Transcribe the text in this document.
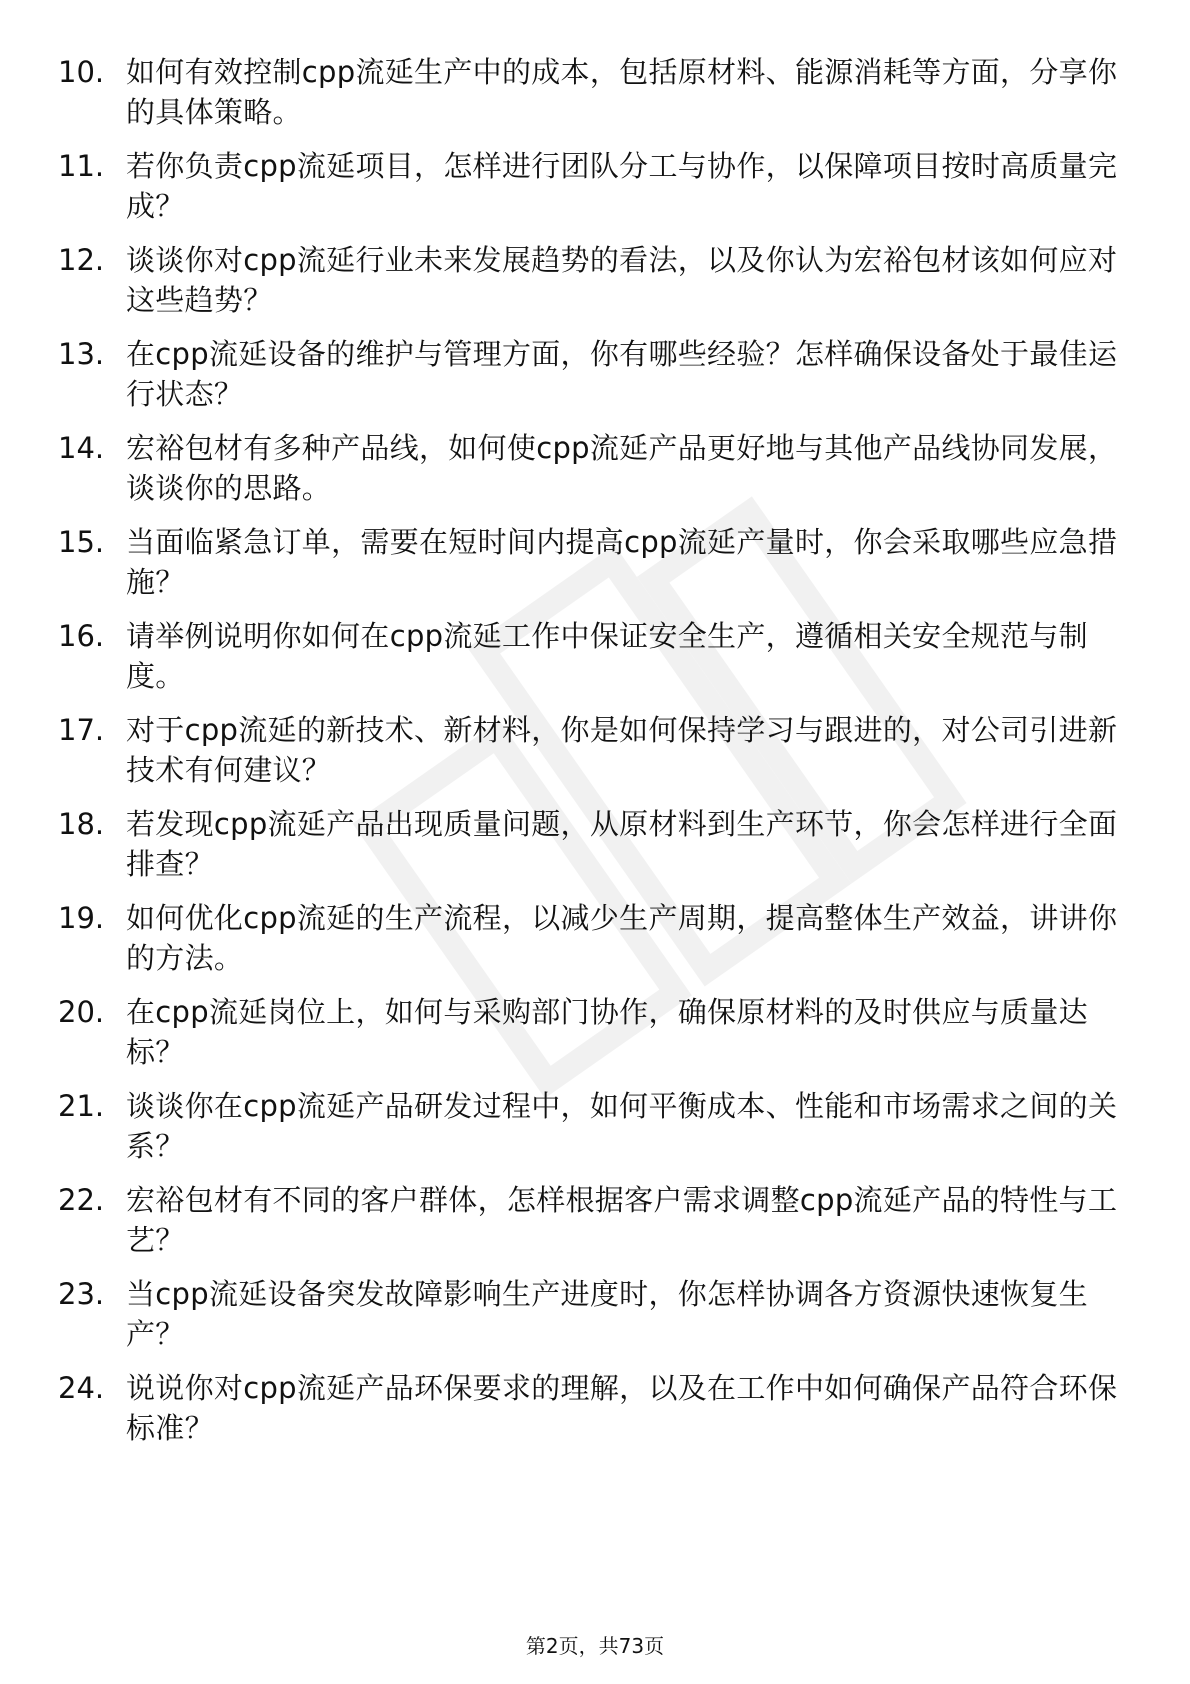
10. 如何有效控制cpp流延生产中的成本，包括原材料、能源消耗等方面，分享你的具体策略。
11. 若你负责cpp流延项目，怎样进行团队分工与协作，以保障项目按时高质量完成？
12. 谈谈你对cpp流延行业未来发展趋势的看法，以及你认为宏裕包材该如何应对这些趋势？
13. 在cpp流延设备的维护与管理方面，你有哪些经验？怎样确保设备处于最佳运行状态？
14. 宏裕包材有多种产品线，如何使cpp流延产品更好地与其他产品线协同发展，谈谈你的思路。
15. 当面临紧急订单，需要在短时间内提高cpp流延产量时，你会采取哪些应急措施？
16. 请举例说明你如何在cpp流延工作中保证安全生产，遵循相关安全规范与制度。
17. 对于cpp流延的新技术、新材料，你是如何保持学习与跟进的，对公司引进新技术有何建议？
18. 若发现cpp流延产品出现质量问题，从原材料到生产环节，你会怎样进行全面排查？
19. 如何优化cpp流延的生产流程，以减少生产周期，提高整体生产效益，讲讲你的方法。
20. 在cpp流延岗位上，如何与采购部门协作，确保原材料的及时供应与质量达标？
21. 谈谈你在cpp流延产品研发过程中，如何平衡成本、性能和市场需求之间的关系？
22. 宏裕包材有不同的客户群体，怎样根据客户需求调整cpp流延产品的特性与工艺？
23. 当cpp流延设备突发故障影响生产进度时，你怎样协调各方资源快速恢复生产？
24. 说说你对cpp流延产品环保要求的理解，以及在工作中如何确保产品符合环保标准？
第2页，共73页
